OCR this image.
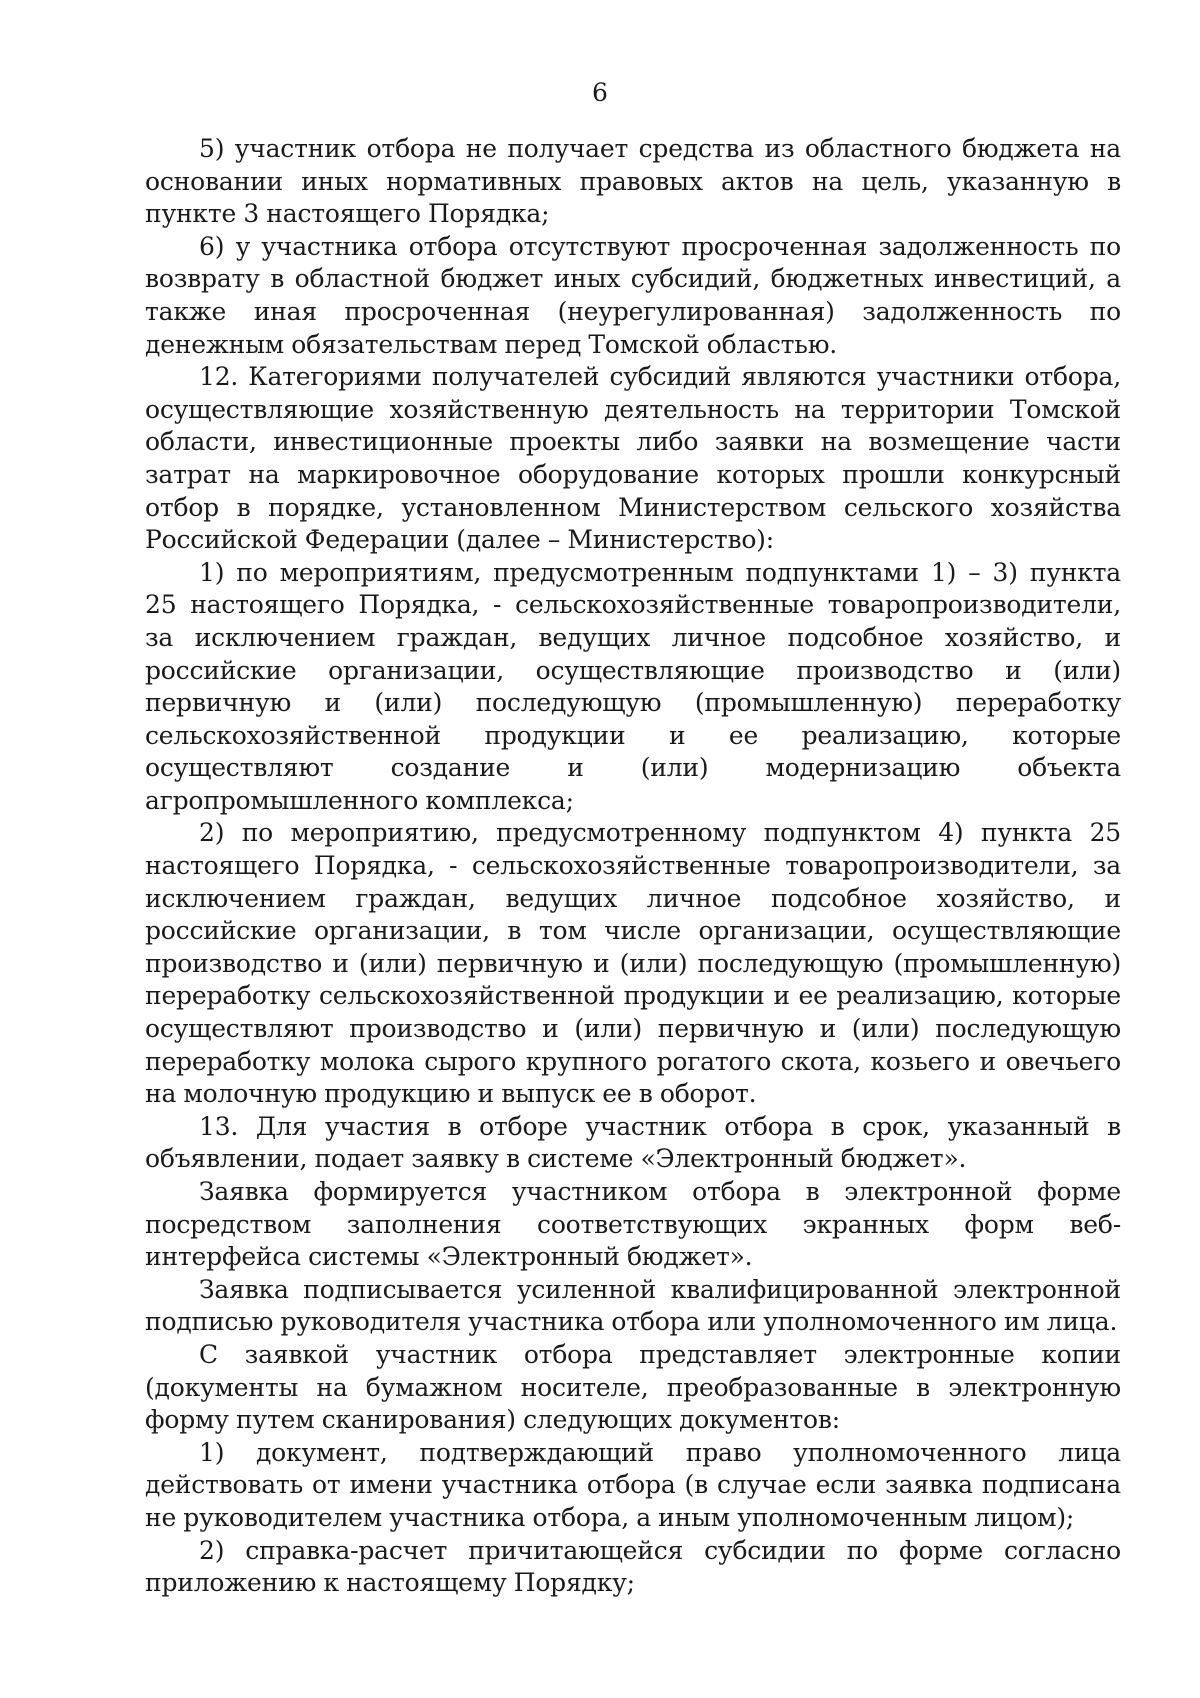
6

5) участник отбора не получает средства из областного бюджета на основании иных нормативных правовых актов на цель, указанную в пункте 3 настоящего Порядка;

6) у участника отбора отсутствуют просроченная задолженность по возврату в областной бюджет иных субсидий, бюджетных инвестиций, а также иная просроченная (неурегулированная) задолженность по денежным обязательствам перед Томской областью.

12. Категориями получателей субсидий являются участники отбора, осуществляющие хозяйственную деятельность на территории Томской области, инвестиционные проекты либо заявки на возмещение части затрат на маркировочное оборудование которых прошли конкурсный отбор в порядке, установленном Министерством сельского хозяйства Российской Федерации (далее – Министерство):

1) по мероприятиям, предусмотренным подпунктами 1) – 3) пункта 25 настоящего Порядка, - сельскохозяйственные товаропроизводители, за исключением граждан, ведущих личное подсобное хозяйство, и российские организации, осуществляющие производство и (или) первичную и (или) последующую (промышленную) переработку сельскохозяйственной продукции и ее реализацию, которые осуществляют создание и (или) модернизацию объекта агропромышленного комплекса;

2) по мероприятию, предусмотренному подпунктом 4) пункта 25 настоящего Порядка, - сельскохозяйственные товаропроизводители, за исключением граждан, ведущих личное подсобное хозяйство, и российские организации, в том числе организации, осуществляющие производство и (или) первичную и (или) последующую (промышленную) переработку сельскохозяйственной продукции и ее реализацию, которые осуществляют производство и (или) первичную и (или) последующую переработку молока сырого крупного рогатого скота, козьего и овечьего на молочную продукцию и выпуск ее в оборот.

13. Для участия в отборе участник отбора в срок, указанный в объявлении, подает заявку в системе «Электронный бюджет».

Заявка формируется участником отбора в электронной форме посредством заполнения соответствующих экранных форм веб-интерфейса системы «Электронный бюджет».

Заявка подписывается усиленной квалифицированной электронной подписью руководителя участника отбора или уполномоченного им лица.

С заявкой участник отбора представляет электронные копии (документы на бумажном носителе, преобразованные в электронную форму путем сканирования) следующих документов:

1) документ, подтверждающий право уполномоченного лица действовать от имени участника отбора (в случае если заявка подписана не руководителем участника отбора, а иным уполномоченным лицом);

2) справка-расчет причитающейся субсидии по форме согласно приложению к настоящему Порядку;
